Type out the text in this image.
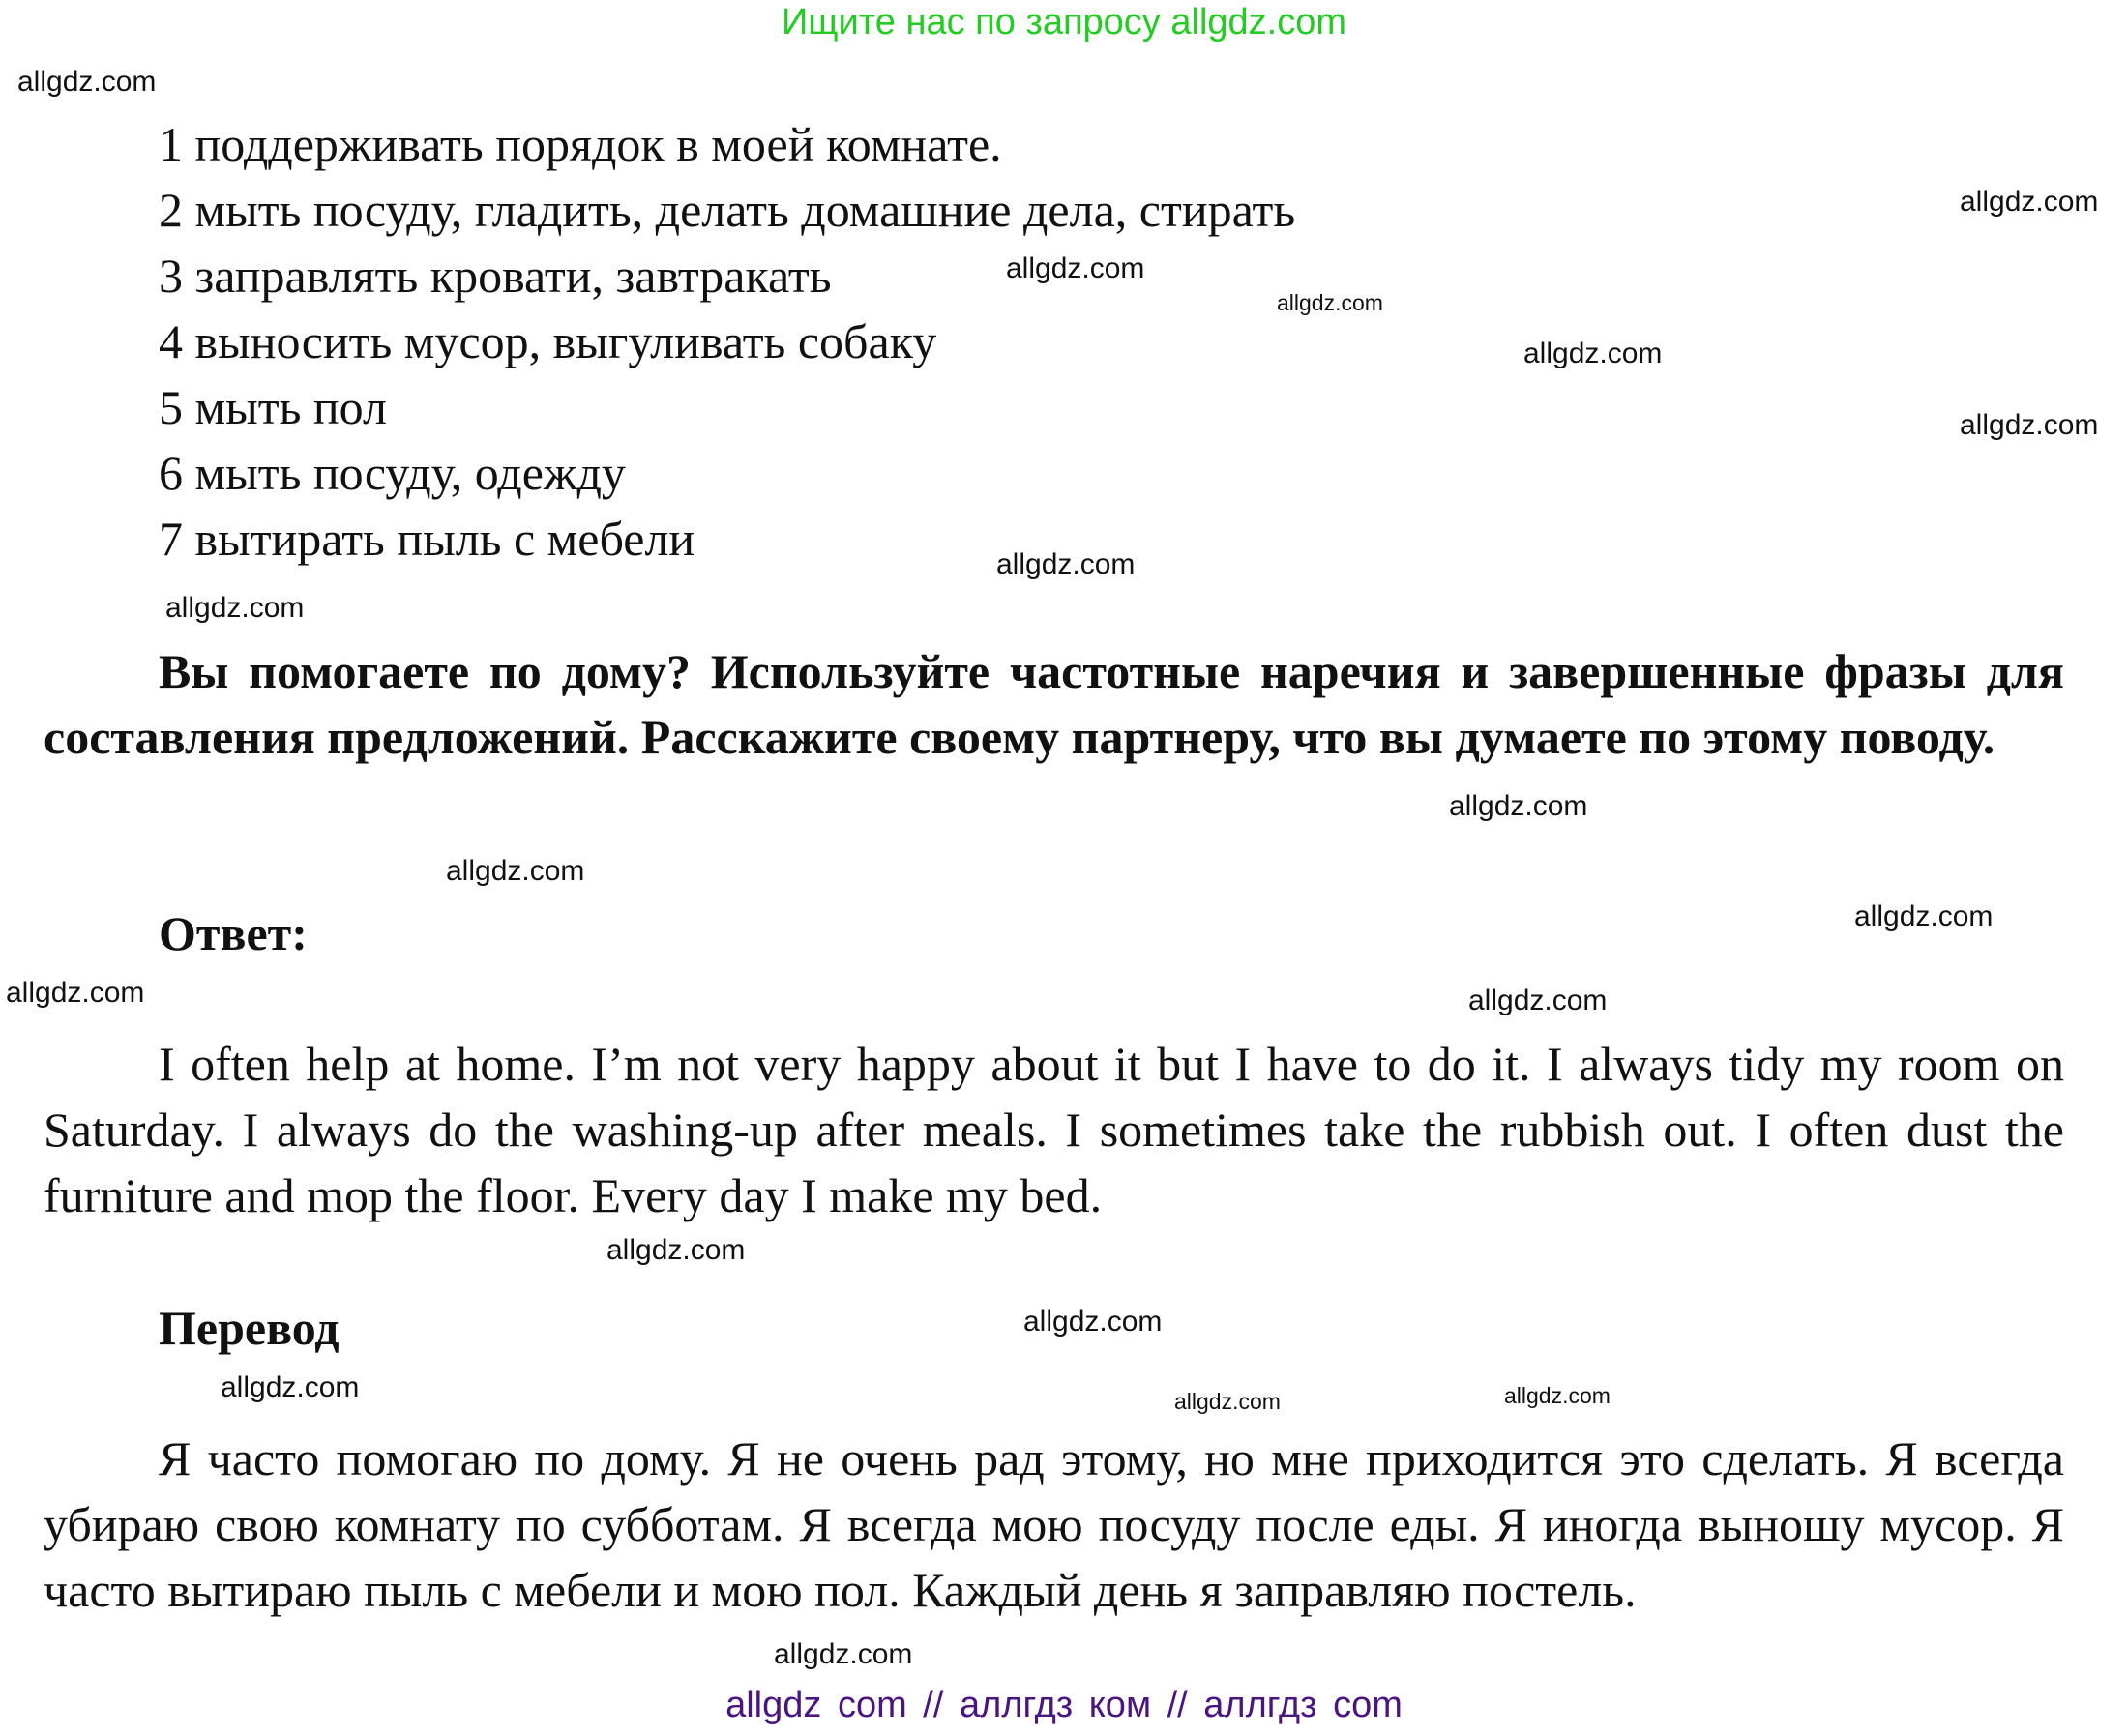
Ищите нас по запросу allgdz.com
1 поддерживать порядок в моей комнате.
2 мыть посуду, гладить, делать домашние дела, стирать
3 заправлять кровати, завтракать
4 выносить мусор, выгуливать собаку
5 мыть пол
6 мыть посуду, одежду
7 вытирать пыль с мебели
Вы помогаете по дому? Используйте частотные наречия и завершенные фразы для составления предложений. Расскажите своему партнеру, что вы думаете по этому поводу.
Ответ:
I often help at home. I’m not very happy about it but I have to do it. I always tidy my room on Saturday. I always do the washing-up after meals. I sometimes take the rubbish out. I often dust the furniture and mop the floor. Every day I make my bed.
Перевод
Я часто помогаю по дому. Я не очень рад этому, но мне приходится это сделать. Я всегда убираю свою комнату по субботам. Я всегда мою посуду после еды. Я иногда выношу мусор. Я часто вытираю пыль с мебели и мою пол. Каждый день я заправляю постель.
allgdz.com
allgdz.com
allgdz.com
allgdz.com
allgdz.com
allgdz.com
allgdz.com
allgdz.com
allgdz.com
allgdz.com
allgdz.com
allgdz.com	allgdz.com
allgdz.com
allgdz.com
allgdz.com	allgdz.com
allgdz.com
allgdz.com
allgdz com // аллгдз ком // аллгдз com
